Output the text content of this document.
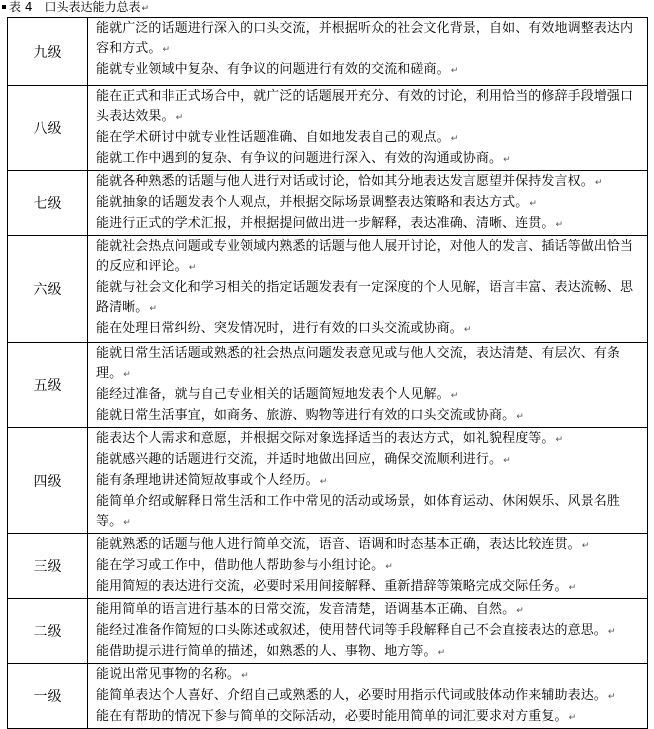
表 4　口头表达能力总表↵
九级	能就广泛的话题进行深入的口头交流，并根据听众的社会文化背景，自如、有效地调整表达内容和方式。↵
能就专业领域中复杂、有争议的问题进行有效的交流和磋商。↵

八级	能在正式和非正式场合中，就广泛的话题展开充分、有效的讨论，利用恰当的修辞手段增强口头表达效果。↵
能在学术研讨中就专业性话题准确、自如地发表自己的观点。↵
能就工作中遇到的复杂、有争议的问题进行深入、有效的沟通或协商。↵

七级	能就各种熟悉的话题与他人进行对话或讨论，恰如其分地表达发言愿望并保持发言权。↵
能就抽象的话题发表个人观点，并根据交际场景调整表达策略和表达方式。↵
能进行正式的学术汇报，并根据提问做出进一步解释，表达准确、清晰、连贯。↵

六级	能就社会热点问题或专业领域内熟悉的话题与他人展开讨论，对他人的发言、插话等做出恰当的反应和评论。↵
能就与社会文化和学习相关的指定话题发表有一定深度的个人见解，语言丰富、表达流畅、思路清晰。↵
能在处理日常纠纷、突发情况时，进行有效的口头交流或协商。↵

五级	能就日常生活话题或熟悉的社会热点问题发表意见或与他人交流，表达清楚、有层次、有条理。↵
能经过准备，就与自己专业相关的话题简短地发表个人见解。↵
能就日常生活事宜，如商务、旅游、购物等进行有效的口头交流或协商。↵

四级	能表达个人需求和意愿，并根据交际对象选择适当的表达方式，如礼貌程度等。↵
能就感兴趣的话题进行交流，并适时地做出回应，确保交流顺利进行。↵
能有条理地讲述简短故事或个人经历。↵
能简单介绍或解释日常生活和工作中常见的活动或场景，如体育运动、休闲娱乐、风景名胜等。↵

三级	能就熟悉的话题与他人进行简单交流，语音、语调和时态基本正确，表达比较连贯。↵
能在学习或工作中，借助他人帮助参与小组讨论。↵
能用简短的表达进行交流，必要时采用间接解释、重新措辞等策略完成交际任务。↵

二级	能用简单的语言进行基本的日常交流，发音清楚，语调基本正确、自然。↵
能经过准备作简短的口头陈述或叙述，使用替代词等手段解释自己不会直接表达的意思。↵
能借助提示进行简单的描述，如熟悉的人、事物、地方等。↵

一级	能说出常见事物的名称。↵
能简单表达个人喜好、介绍自己或熟悉的人，必要时用指示代词或肢体动作来辅助表达。↵
能在有帮助的情况下参与简单的交际活动，必要时能用简单的词汇要求对方重复。↵
